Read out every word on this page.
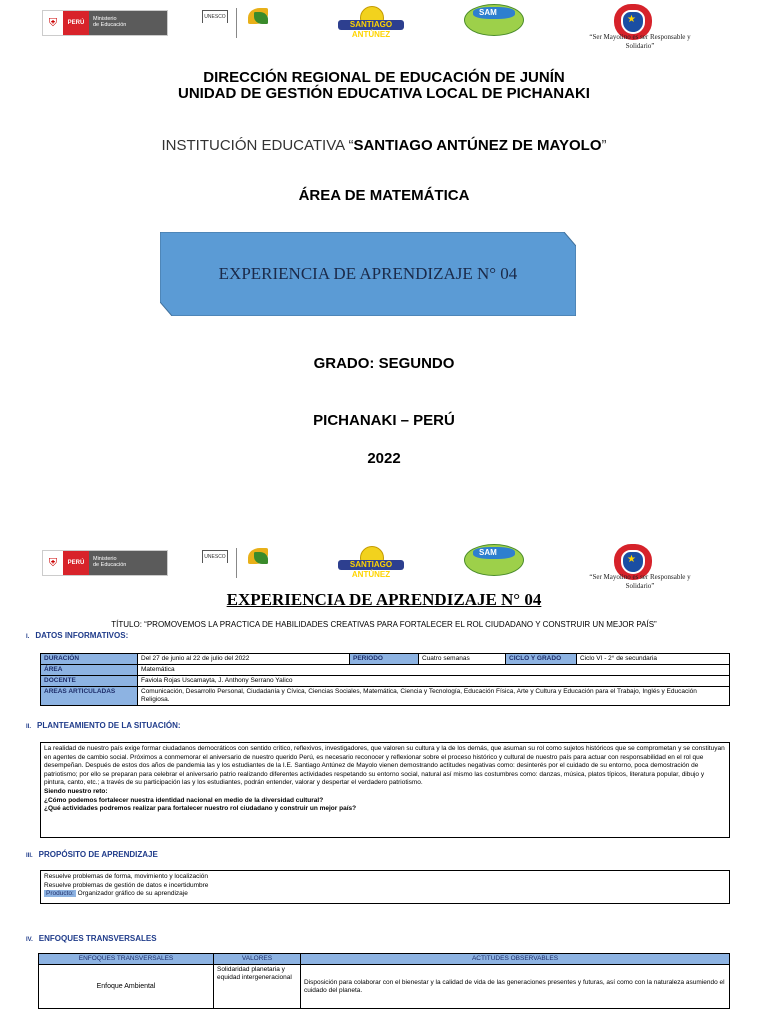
⛨	PERÚ
Ministerio
de Educación
UNESCO
SANTIAGO ANTÚNEZ
SAM
★
“Ser Mayolino es ser Responsable y
Solidario”
DIRECCIÓN REGIONAL DE EDUCACIÓN DE JUNÍN
UNIDAD DE GESTIÓN EDUCATIVA LOCAL DE PICHANAKI
INSTITUCIÓN EDUCATIVA “SANTIAGO ANTÚNEZ DE MAYOLO”
ÁREA DE MATEMÁTICA
EXPERIENCIA DE APRENDIZAJE N° 04
GRADO: SEGUNDO
PICHANAKI – PERÚ
2022
⛨	PERÚ
Ministerio
de Educación
UNESCO
SANTIAGO ANTÚNEZ
SAM
★
“Ser Mayolino es ser Responsable y
Solidario”
EXPERIENCIA DE APRENDIZAJE N° 04
TÍTULO: “PROMOVEMOS LA PRACTICA DE HABILIDADES CREATIVAS PARA FORTALECER EL ROL CIUDADANO Y CONSTRUIR UN MEJOR PAÍS”
I. DATOS INFORMATIVOS:
DURACIÓN	Del 27 de junio al 22 de julio del 2022	PERIODO	Cuatro semanas	CICLO Y GRADO	Ciclo VI - 2° de secundaria
ÁREA	Matemática				
DOCENTE	Faviola Rojas Uscamayta, J. Anthony Serrano Yalico				
AREAS ARTICULADAS	Comunicación, Desarrollo Personal, Ciudadanía y Cívica, Ciencias Sociales, Matemática, Ciencia y Tecnología, Educación Física, Arte y Cultura y Educación para el Trabajo, Inglés y Educación Religiosa.				
II. PLANTEAMIENTO DE LA SITUACIÓN:
La realidad de nuestro país exige formar ciudadanos democráticos con sentido crítico, reflexivos, investigadores, que valoren su cultura y la de los demás, que asuman su rol como sujetos históricos que se comprometan y se constituyan en agentes de cambio social. Próximos a conmemorar el aniversario de nuestro querido Perú, es necesario reconocer y reflexionar sobre el proceso histórico y cultural de nuestro país para actuar con responsabilidad en el rol que desempeñan. Después de estos dos años de pandemia las y los estudiantes de la I.E. Santiago Antúnez de Mayolo vienen demostrando actitudes negativas como: desinterés por el cuidado de su entorno, poca demostración de patriotismo; por ello se preparan para celebrar el aniversario patrio realizando diferentes actividades respetando su entorno social, natural así mismo las costumbres como: danzas, música, platos típicos, literatura popular, dibujo y pintura, canto, etc.; a través de su participación las y los estudiantes, podrán entender, valorar y despertar el verdadero patriotismo.
Siendo nuestro reto:
¿Cómo podemos fortalecer nuestra identidad nacional en medio de la diversidad cultural?
¿Qué actividades podremos realizar para fortalecer nuestro rol ciudadano y construir un mejor país?
III. PROPÓSITO DE APRENDIZAJE
Resuelve problemas de forma, movimiento y localización
Resuelve problemas de gestión de datos e incertidumbre
Producto: Organizador gráfico de su aprendizaje
IV. ENFOQUES TRANSVERSALES
ENFOQUES TRANSVERSALES	VALORES	ACTITUDES OBSERVABLES
Enfoque Ambiental	Solidaridad planetaria y equidad intergeneracional	Disposición para colaborar con el bienestar y la calidad de vida de las generaciones presentes y futuras, así como con la naturaleza asumiendo el cuidado del planeta.
